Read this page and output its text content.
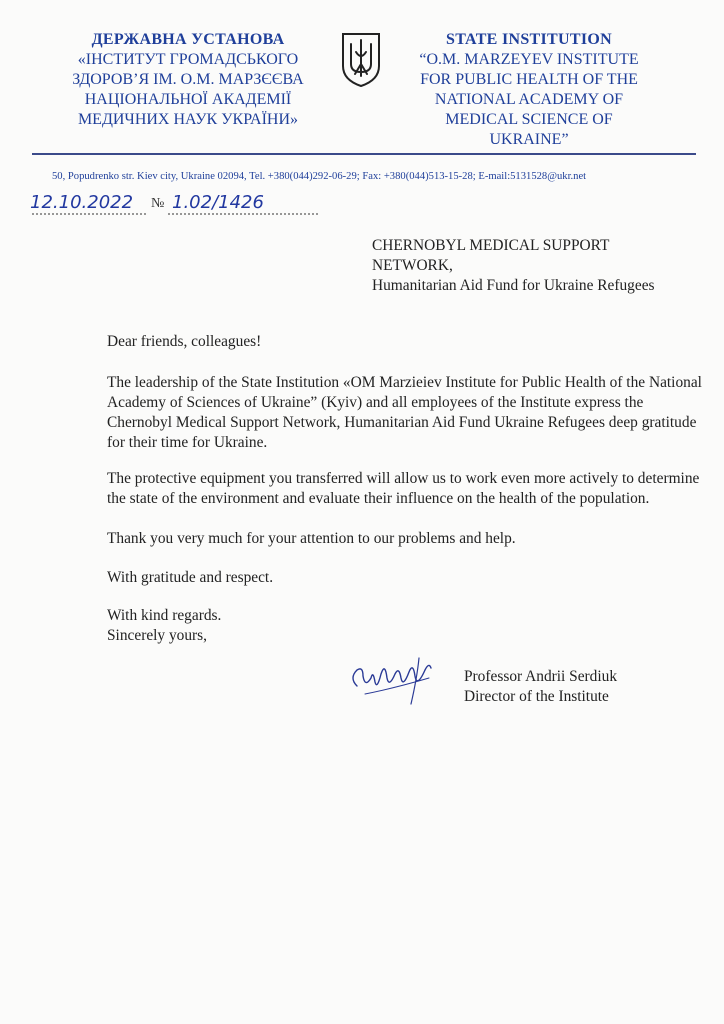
ДЕРЖАВНА УСТАНОВА
«ІНСТИТУТ ГРОМАДСЬКОГО
ЗДОРОВ’Я ІМ. О.М. МАРЗЄЄВА
НАЦІОНАЛЬНОЇ АКАДЕМІЇ
МЕДИЧНИХ НАУК УКРАЇНИ»
STATE INSTITUTION
“O.M. MARZEYEV INSTITUTE
FOR PUBLIC HEALTH OF THE
NATIONAL ACADEMY OF
MEDICAL SCIENCE OF
UKRAINE”
50, Popudrenko str. Kiev city, Ukraine 02094, Tel. +380(044)292-06-29; Fax: +380(044)513-15-28; E-mail:5131528@ukr.net
12.10.2022 № 1.02/1426
CHERNOBYL MEDICAL SUPPORT
NETWORK,
Humanitarian Aid Fund for Ukraine Refugees
Dear friends, colleagues!
The leadership of the State Institution «OM Marzieiev Institute for Public Health of the National Academy of Sciences of Ukraine” (Kyiv) and all employees of the Institute express the Chernobyl Medical Support Network, Humanitarian Aid Fund Ukraine Refugees deep gratitude for their time for Ukraine.
The protective equipment you transferred will allow us to work even more actively to determine the state of the environment and evaluate their influence on the health of the population.
Thank you very much for your attention to our problems and help.
With gratitude and respect.
With kind regards.
Sincerely yours,
Professor Andrii Serdiuk
Director of the Institute
